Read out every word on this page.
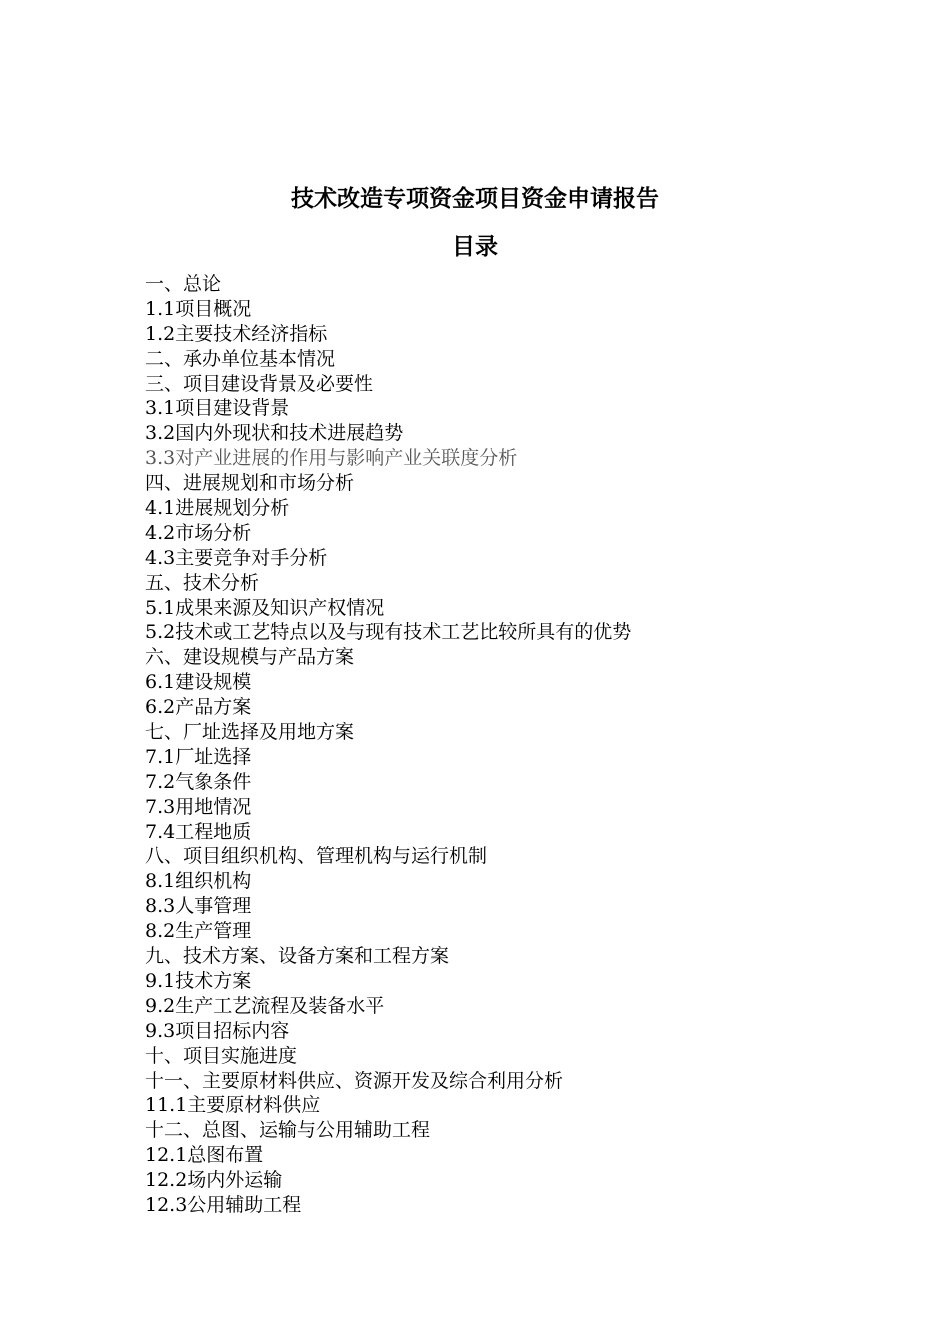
技术改造专项资金项目资金申请报告
目录
一、总论
1.1项目概况
1.2主要技术经济指标
二、承办单位基本情况
三、项目建设背景及必要性
3.1项目建设背景
3.2国内外现状和技术进展趋势
3.3对产业进展的作用与影响产业关联度分析
四、进展规划和市场分析
4.1进展规划分析
4.2市场分析
4.3主要竞争对手分析
五、技术分析
5.1成果来源及知识产权情况
5.2技术或工艺特点以及与现有技术工艺比较所具有的优势
六、建设规模与产品方案
6.1建设规模
6.2产品方案
七、厂址选择及用地方案
7.1厂址选择
7.2气象条件
7.3用地情况
7.4工程地质
八、项目组织机构、管理机构与运行机制
8.1组织机构
8.3人事管理
8.2生产管理
九、技术方案、设备方案和工程方案
9.1技术方案
9.2生产工艺流程及装备水平
9.3项目招标内容
十、项目实施进度
十一、主要原材料供应、资源开发及综合利用分析
11.1主要原材料供应
十二、总图、运输与公用辅助工程
12.1总图布置
12.2场内外运输
12.3公用辅助工程
